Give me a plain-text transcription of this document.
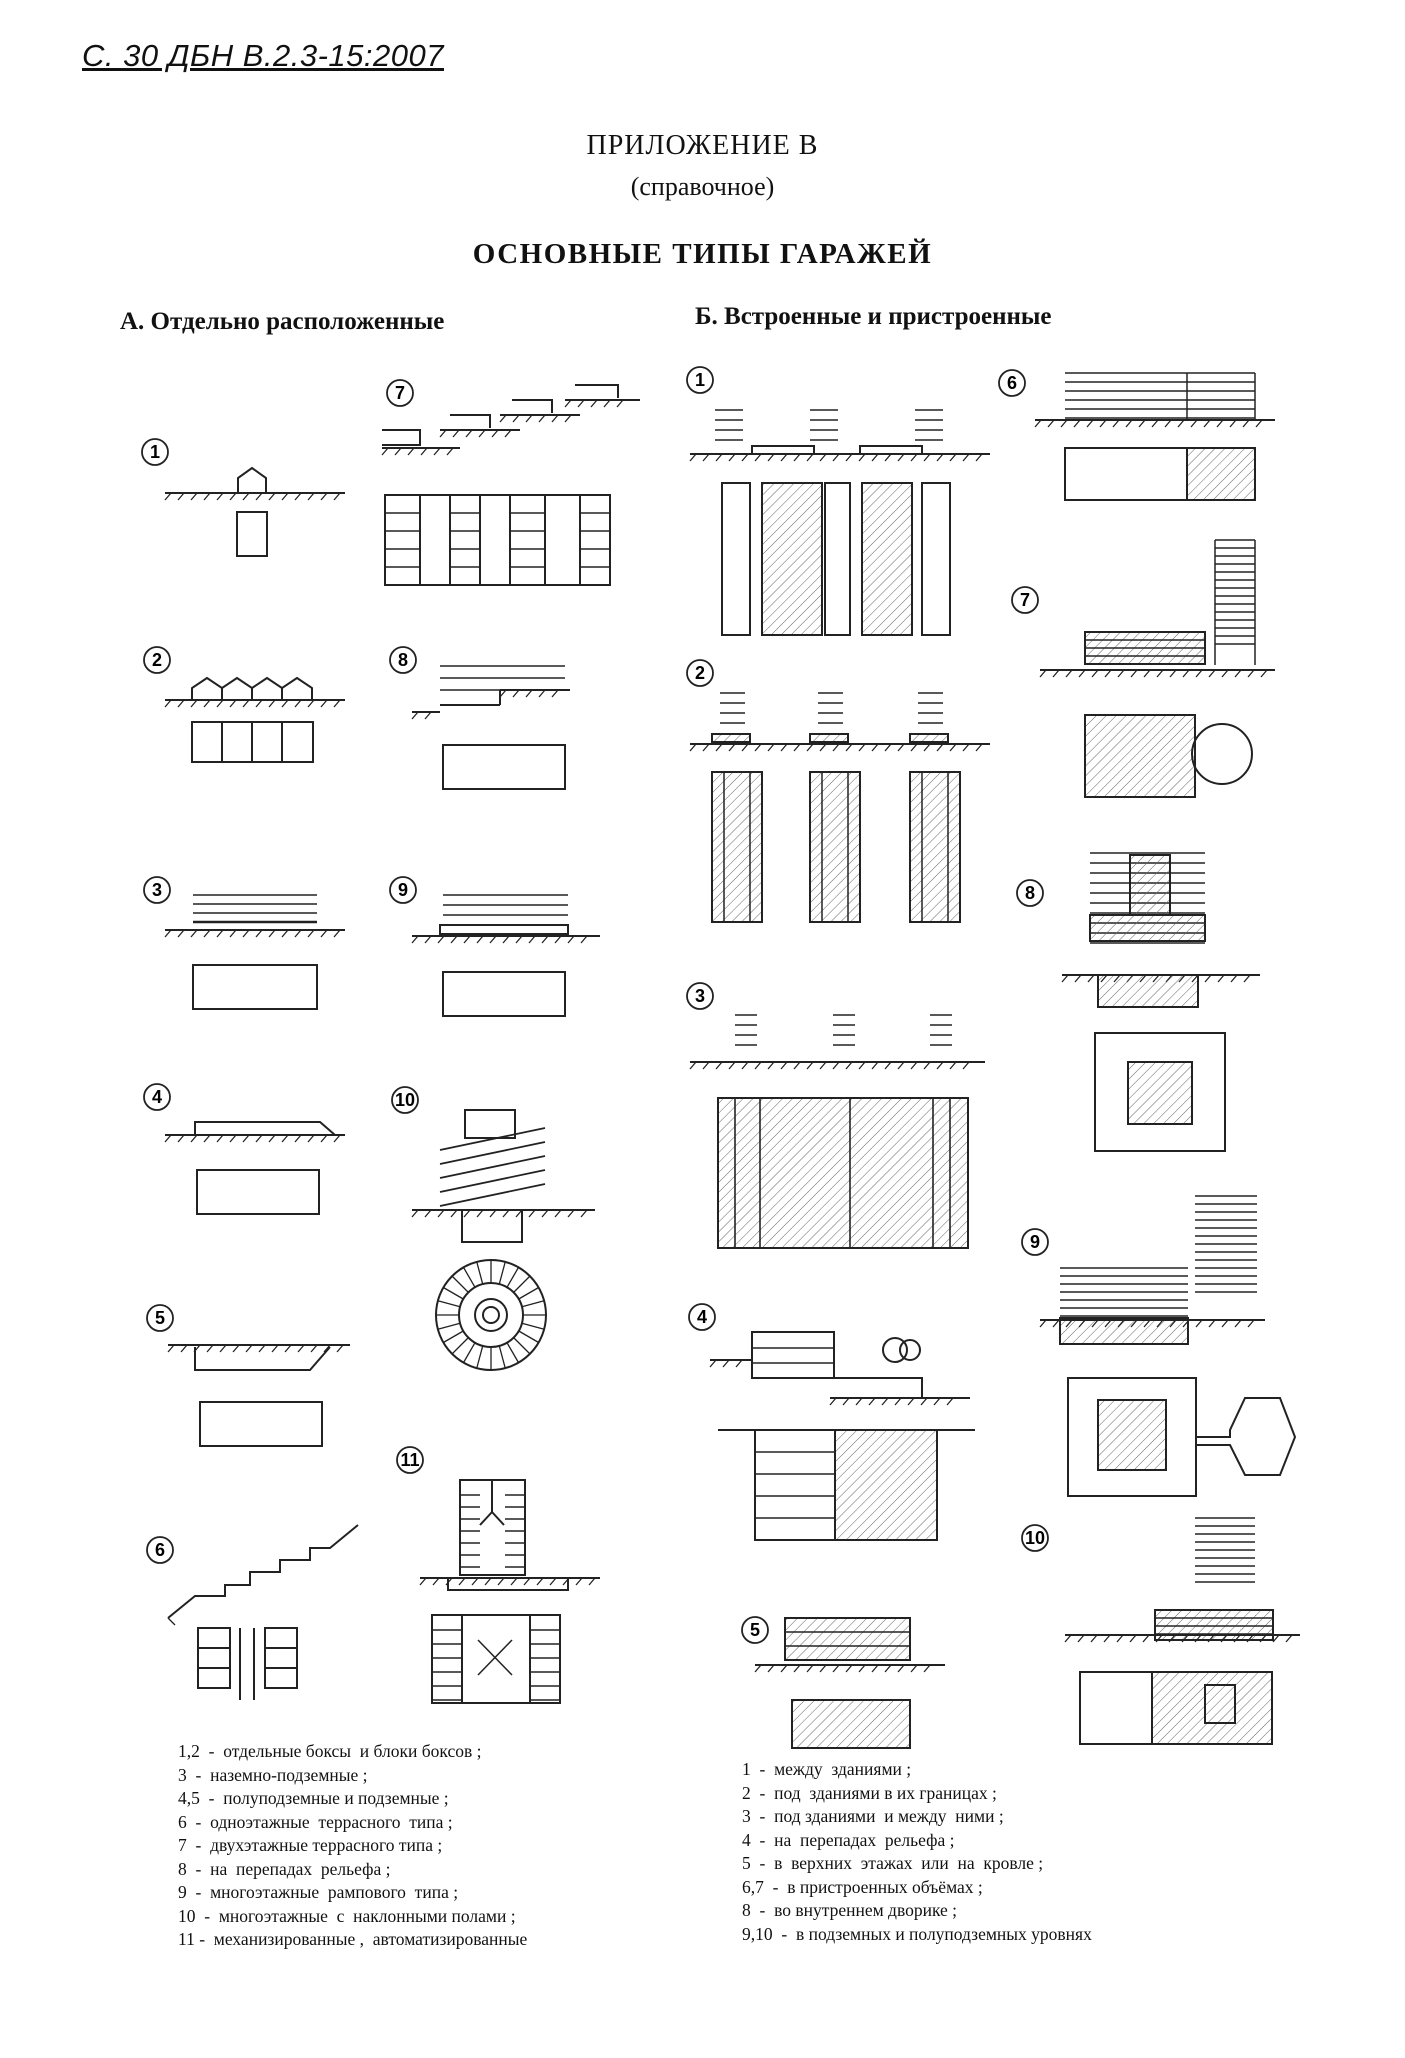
С. 30 ДБН В.2.3-15:2007
ПРИЛОЖЕНИЕ В
(справочное)
ОСНОВНЫЕ ТИПЫ ГАРАЖЕЙ
А. Отдельно расположенные	Б. Встроенные и пристроенные
1
2
3
4
5
6
7
8
9
10
11
1
2
3
4
5
6
7
8
9
10
1,2  -  отдельные боксы  и блоки боксов ;
3  -  наземно-подземные ;
4,5  -  полуподземные и подземные ;
6  -  одноэтажные  террасного  типа ;
7  -  двухэтажные террасного типа ;
8  -  на  перепадах  рельефа ;
9  -  многоэтажные  рампового  типа ;
10  -  многоэтажные  с  наклонными полами ;
11 -  механизированные ,  автоматизированные
1  -  между  зданиями ;
2  -  под  зданиями в их границах ;
3  -  под зданиями  и между  ними ;
4  -  на  перепадах  рельефа ;
5  -  в  верхних  этажах  или  на  кровле ;
6,7  -  в пристроенных объёмах ;
8  -  во внутреннем дворике ;
9,10  -  в подземных и полуподземных уровнях
